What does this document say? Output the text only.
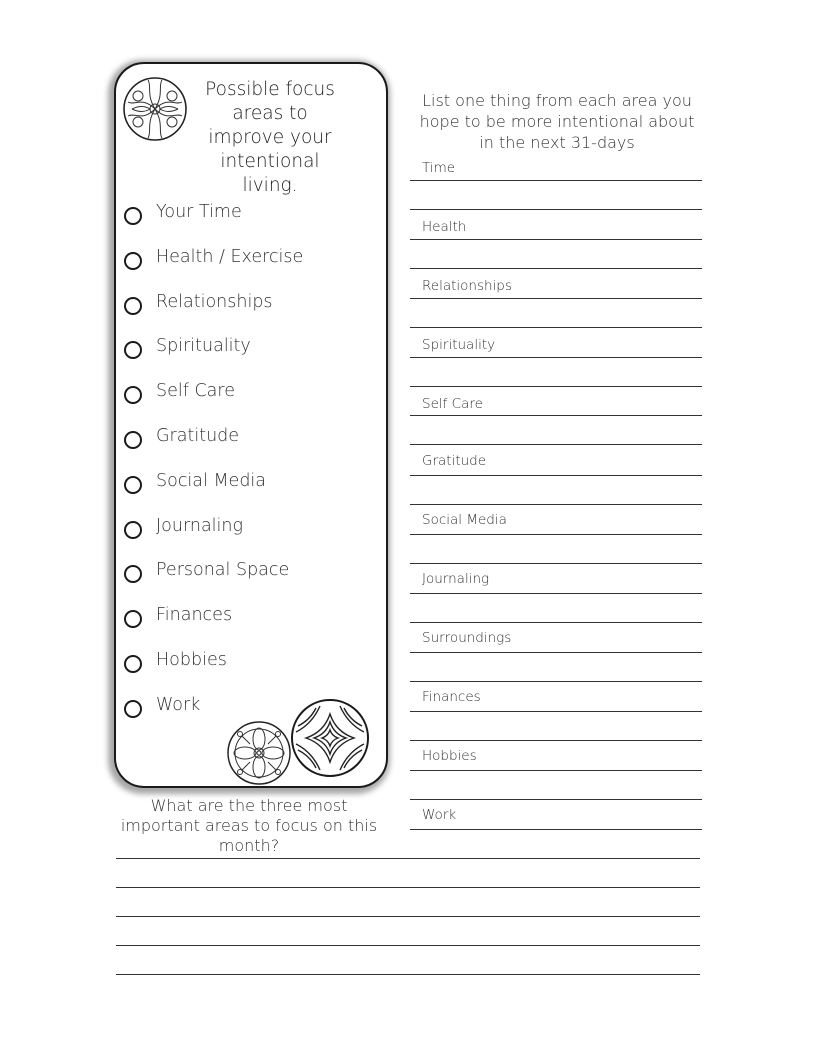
Possible focus areas to improve your intentional living.
Your Time
Health / Exercise
Relationships
Spirituality
Self Care
Gratitude
Social Media
Journaling
Personal Space
Finances
Hobbies
Work
List one thing from each area you hope to be more intentional about in the next 31-days
Time
Health
Relationships
Spirituality
Self Care
Gratitude
Social Media
Journaling
Surroundings
Finances
Hobbies
Work
What are the three most important areas to focus on this month?
